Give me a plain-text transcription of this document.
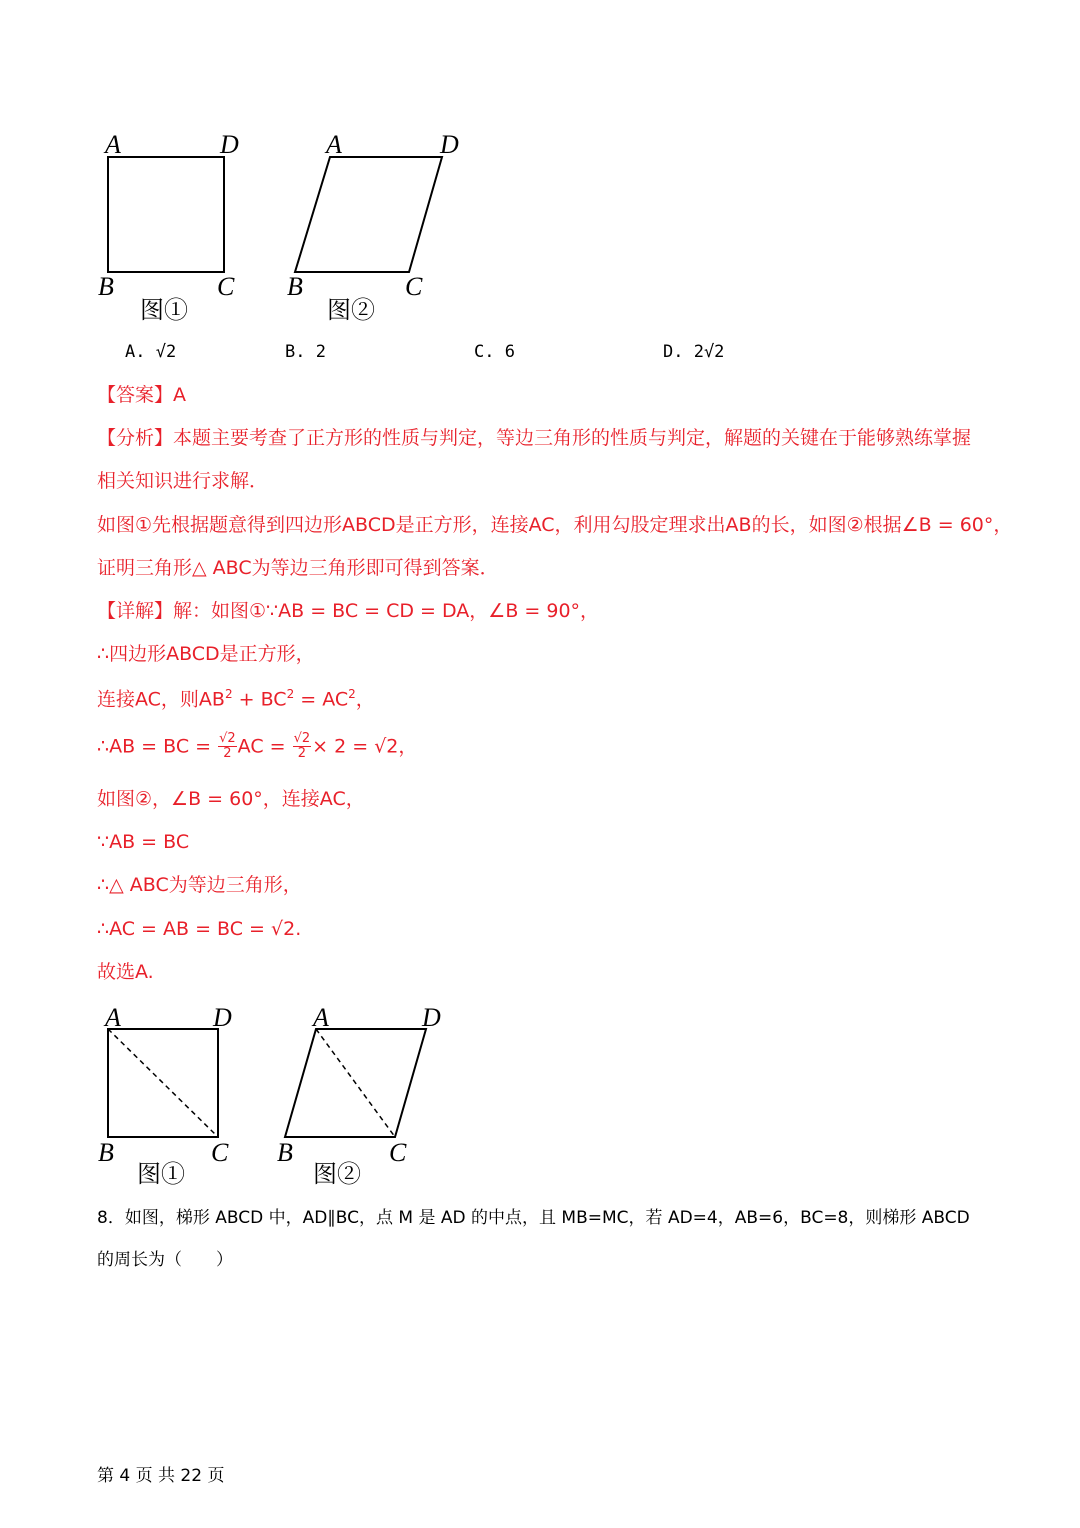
A	D
B	C
图①
A	D
B	C
图②
A. √2	B. 2	C. 6	D. 2√2
【答案】A
【分析】本题主要考查了正方形的性质与判定，等边三角形的性质与判定，解题的关键在于能够熟练掌握
相关知识进行求解．
如图①先根据题意得到四边形ABCD是正方形，连接AC，利用勾股定理求出AB的长，如图②根据∠B = 60°，
证明三角形△ ABC为等边三角形即可得到答案．
【详解】解：如图①∵AB = BC = CD = DA，∠B = 90°，
∴四边形ABCD是正方形，
连接AC，则$AB^2 + BC^2 = AC^2$，
∴AB = BC = $\frac{√2}{2}$ AC = $\frac{√2}{2} \times 2 = √2$，
如图②，∠B = 60°，连接AC，
∵AB = BC
∴△ ABC为等边三角形，
∴AC = AB = BC = √2.
故选A.
A	D
B	C
图①
A	D
B	C
图②
8．如图，梯形 ABCD 中，AD∥BC，点 M 是 AD 的中点，且 MB=MC，若 AD=4，AB=6，BC=8，则梯形 ABCD
的周长为（　　）
第 4 页 共 22 页
